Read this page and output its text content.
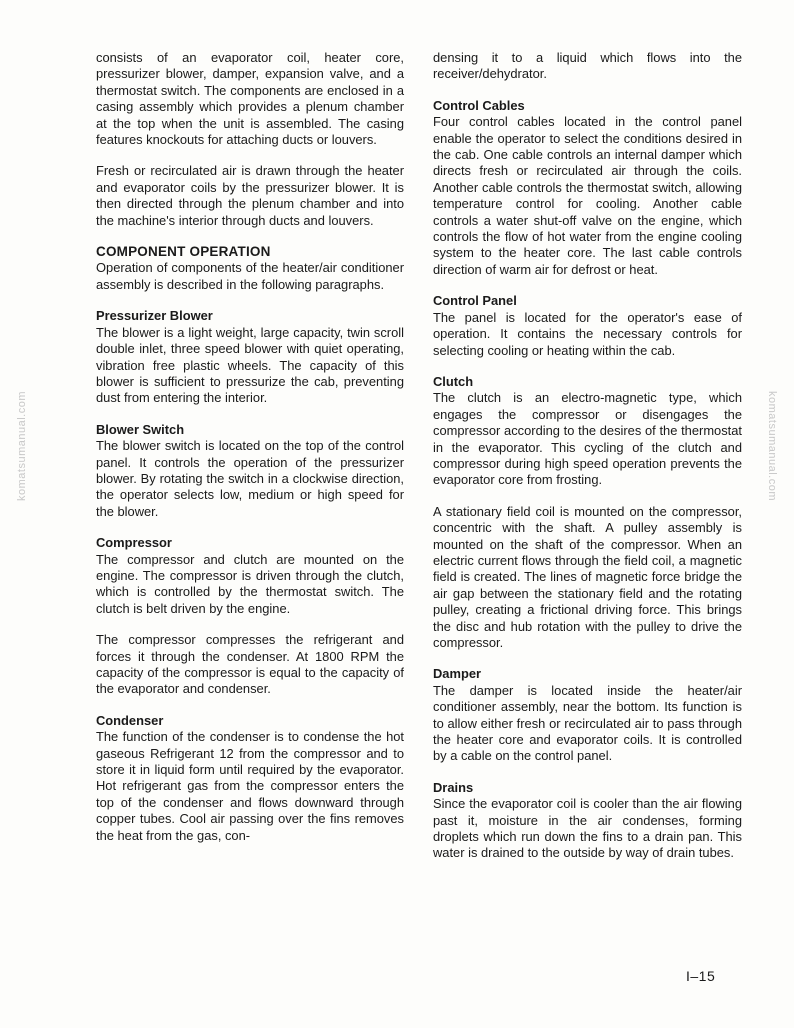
komatsumanual.com	komatsumanual.com

consists of an evaporator coil, heater core, pressurizer blower, damper, expansion valve, and a thermostat switch. The components are enclosed in a casing assembly which provides a plenum chamber at the top when the unit is assembled. The casing features knockouts for attaching ducts or louvers.

Fresh or recirculated air is drawn through the heater and evaporator coils by the pressurizer blower. It is then directed through the plenum chamber and into the machine's interior through ducts and louvers.

COMPONENT OPERATION

Operation of components of the heater/air conditioner assembly is described in the following paragraphs.

Pressurizer Blower

The blower is a light weight, large capacity, twin scroll double inlet, three speed blower with quiet operating, vibration free plastic wheels. The capacity of this blower is sufficient to pressurize the cab, preventing dust from entering the interior.

Blower Switch

The blower switch is located on the top of the control panel. It controls the operation of the pressurizer blower. By rotating the switch in a clockwise direction, the operator selects low, medium or high speed for the blower.

Compressor

The compressor and clutch are mounted on the engine. The compressor is driven through the clutch, which is controlled by the thermostat switch. The clutch is belt driven by the engine.

The compressor compresses the refrigerant and forces it through the condenser. At 1800 RPM the capacity of the compressor is equal to the capacity of the evaporator and condenser.

Condenser

The function of the condenser is to condense the hot gaseous Refrigerant 12 from the compressor and to store it in liquid form until required by the evaporator. Hot refrigerant gas from the compressor enters the top of the condenser and flows downward through copper tubes. Cool air passing over the fins removes the heat from the gas, con-

densing it to a liquid which flows into the receiver/dehydrator.

Control Cables

Four control cables located in the control panel enable the operator to select the conditions desired in the cab. One cable controls an internal damper which directs fresh or recirculated air through the coils. Another cable controls the thermostat switch, allowing temperature control for cooling. Another cable controls a water shut-off valve on the engine, which controls the flow of hot water from the engine cooling system to the heater core. The last cable controls direction of warm air for defrost or heat.

Control Panel

The panel is located for the operator's ease of operation. It contains the necessary controls for selecting cooling or heating within the cab.

Clutch

The clutch is an electro-magnetic type, which engages the compressor or disengages the compressor according to the desires of the thermostat in the evaporator. This cycling of the clutch and compressor during high speed operation prevents the evaporator core from frosting.

A stationary field coil is mounted on the compressor, concentric with the shaft. A pulley assembly is mounted on the shaft of the compressor. When an electric current flows through the field coil, a magnetic field is created. The lines of magnetic force bridge the air gap between the stationary field and the rotating pulley, creating a frictional driving force. This brings the disc and hub rotation with the pulley to drive the compressor.

Damper

The damper is located inside the heater/air conditioner assembly, near the bottom. Its function is to allow either fresh or recirculated air to pass through the heater core and evaporator coils. It is controlled by a cable on the control panel.

Drains

Since the evaporator coil is cooler than the air flowing past it, moisture in the air condenses, forming droplets which run down the fins to a drain pan. This water is drained to the outside by way of drain tubes.

I–15
